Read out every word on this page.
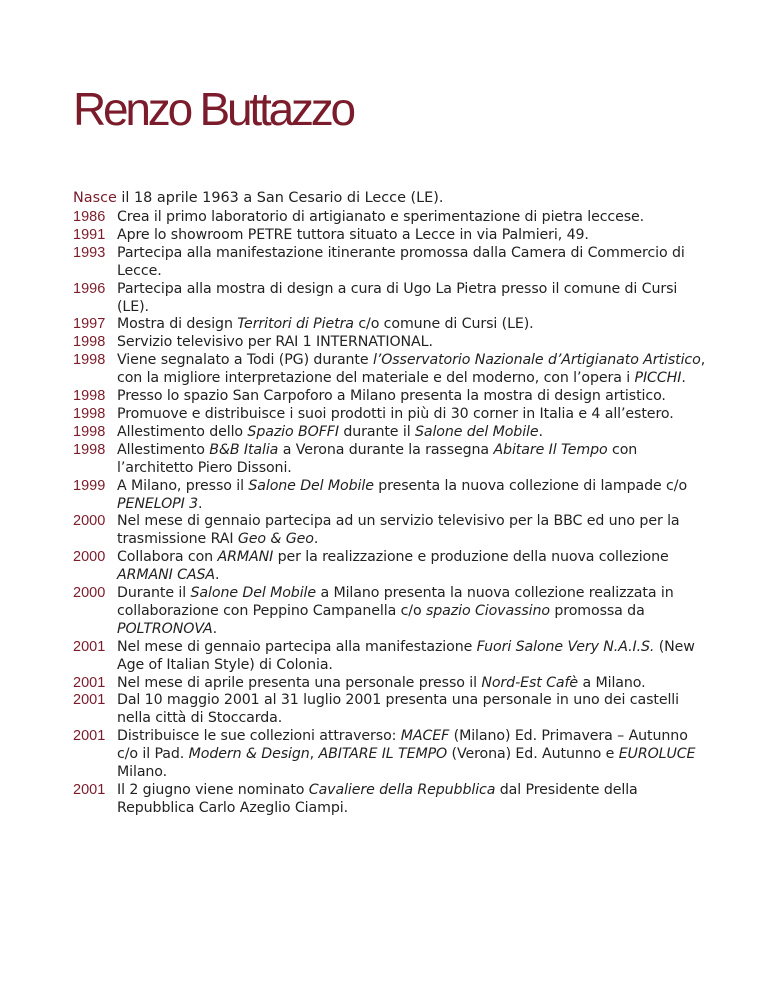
Renzo Buttazzo

Nasce il 18 aprile 1963 a San Cesario di Lecce (LE).

1986 Crea il primo laboratorio di artigianato e sperimentazione di pietra leccese.
1991 Apre lo showroom PETRE tuttora situato a Lecce in via Palmieri, 49.
1993 Partecipa alla manifestazione itinerante promossa dalla Camera di Commercio di Lecce.
1996 Partecipa alla mostra di design a cura di Ugo La Pietra presso il comune di Cursi (LE).
1997 Mostra di design Territori di Pietra c/o comune di Cursi (LE).
1998 Servizio televisivo per RAI 1 INTERNATIONAL.
1998 Viene segnalato a Todi (PG) durante l’Osservatorio Nazionale d’Artigianato Artistico, con la migliore interpretazione del materiale e del moderno, con l’opera i PICCHI.
1998 Presso lo spazio San Carpoforo a Milano presenta la mostra di design artistico.
1998 Promuove e distribuisce i suoi prodotti in più di 30 corner in Italia e 4 all’estero.
1998 Allestimento dello Spazio BOFFI durante il Salone del Mobile.
1998 Allestimento B&B Italia a Verona durante la rassegna Abitare Il Tempo con l’architetto Piero Dissoni.
1999 A Milano, presso il Salone Del Mobile presenta la nuova collezione di lampade c/o PENELOPI 3.
2000 Nel mese di gennaio partecipa ad un servizio televisivo per la BBC ed uno per la trasmissione RAI Geo & Geo.
2000 Collabora con ARMANI per la realizzazione e produzione della nuova collezione ARMANI CASA.
2000 Durante il Salone Del Mobile a Milano presenta la nuova collezione realizzata in collaborazione con Peppino Campanella c/o spazio Ciovassino promossa da POLTRONOVA.
2001 Nel mese di gennaio partecipa alla manifestazione Fuori Salone Very N.A.I.S. (New Age of Italian Style) di Colonia.
2001 Nel mese di aprile presenta una personale presso il Nord-Est Cafè a Milano.
2001 Dal 10 maggio 2001 al 31 luglio 2001 presenta una personale in uno dei castelli nella città di Stoccarda.
2001 Distribuisce le sue collezioni attraverso: MACEF (Milano) Ed. Primavera – Autunno c/o il Pad. Modern & Design, ABITARE IL TEMPO (Verona) Ed. Autunno e EUROLUCE Milano.
2001 Il 2 giugno viene nominato Cavaliere della Repubblica dal Presidente della Repubblica Carlo Azeglio Ciampi.
